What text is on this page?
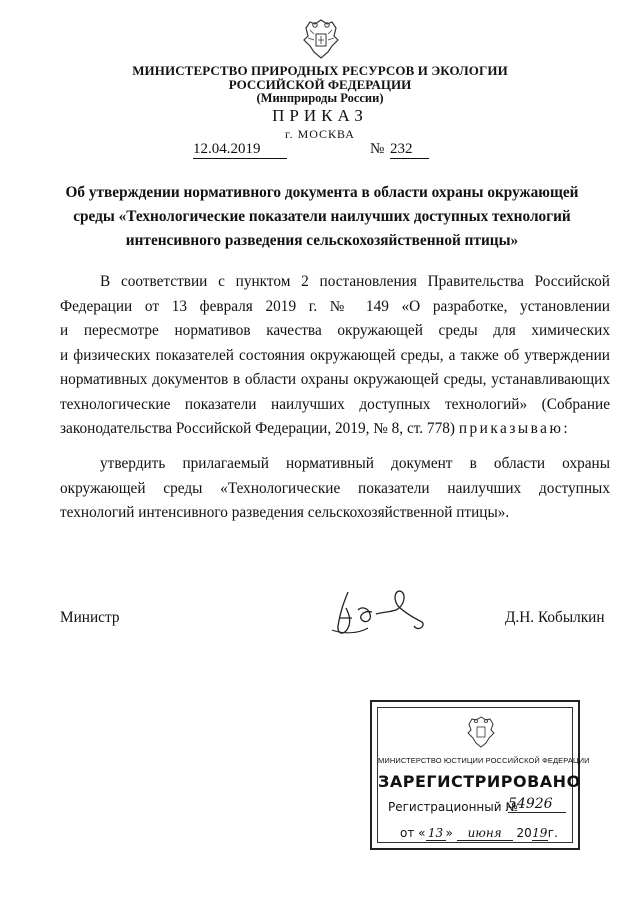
МИНИСТЕРСТВО ПРИРОДНЫХ РЕСУРСОВ И ЭКОЛОГИИ
РОССИЙСКОЙ ФЕДЕРАЦИИ
(Минприроды России)
ПРИКАЗ
г. МОСКВА
12.04.2019	№ 232
Об утверждении нормативного документа в области охраны окружающей
среды «Технологические показатели наилучших доступных технологий
интенсивного разведения сельскохозяйственной птицы»
В соответствии с пунктом 2 постановления Правительства Российской
Федерации от 13 февраля 2019 г. № 149 «О разработке, установлении
и пересмотре нормативов качества окружающей среды для химических
и физических показателей состояния окружающей среды, а также об утверждении
нормативных документов в области охраны окружающей среды, устанавливающих
технологические показатели наилучших доступных технологий» (Собрание
законодательства Российской Федерации, 2019, № 8, ст. 778) приказываю:
утвердить прилагаемый нормативный документ в области охраны
окружающей среды «Технологические показатели наилучших доступных
технологий интенсивного разведения сельскохозяйственной птицы».
Министр	Д.Н. Кобылкин
МИНИСТЕРСТВО ЮСТИЦИИ РОССИЙСКОЙ ФЕДЕРАЦИИ
ЗАРЕГИСТРИРОВАНО
Регистрационный №
54926
от « 13 » июня 2019г.
